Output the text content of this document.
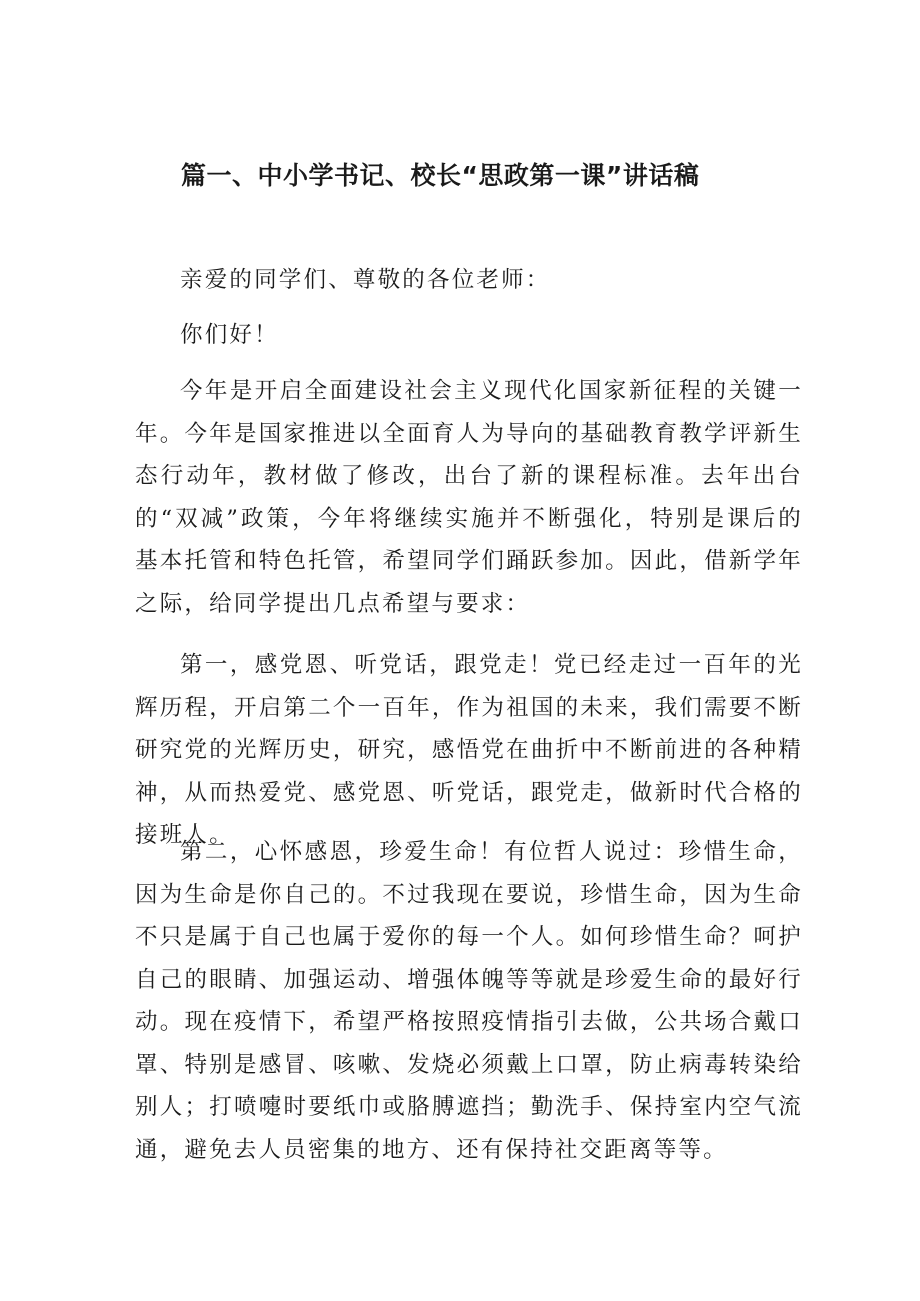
篇一、中小学书记、校长“思政第一课”讲话稿

亲爱的同学们、尊敬的各位老师：

你们好！

今年是开启全面建设社会主义现代化国家新征程的关键一年。今年是国家推进以全面育人为导向的基础教育教学评新生态行动年，教材做了修改，出台了新的课程标准。去年出台的“双减”政策，今年将继续实施并不断强化，特别是课后的基本托管和特色托管，希望同学们踊跃参加。因此，借新学年之际，给同学提出几点希望与要求：

第一，感党恩、听党话，跟党走！党已经走过一百年的光辉历程，开启第二个一百年，作为祖国的未来，我们需要不断研究党的光辉历史，研究，感悟党在曲折中不断前进的各种精神，从而热爱党、感党恩、听党话，跟党走，做新时代合格的接班人。

第二，心怀感恩，珍爱生命！有位哲人说过：珍惜生命，因为生命是你自己的。不过我现在要说，珍惜生命，因为生命不只是属于自己也属于爱你的每一个人。如何珍惜生命？呵护自己的眼睛、加强运动、增强体魄等等就是珍爱生命的最好行动。现在疫情下，希望严格按照疫情指引去做，公共场合戴口罩、特别是感冒、咳嗽、发烧必须戴上口罩，防止病毒转染给别人；打喷嚏时要纸巾或胳膊遮挡；勤洗手、保持室内空气流通，避免去人员密集的地方、还有保持社交距离等等。
